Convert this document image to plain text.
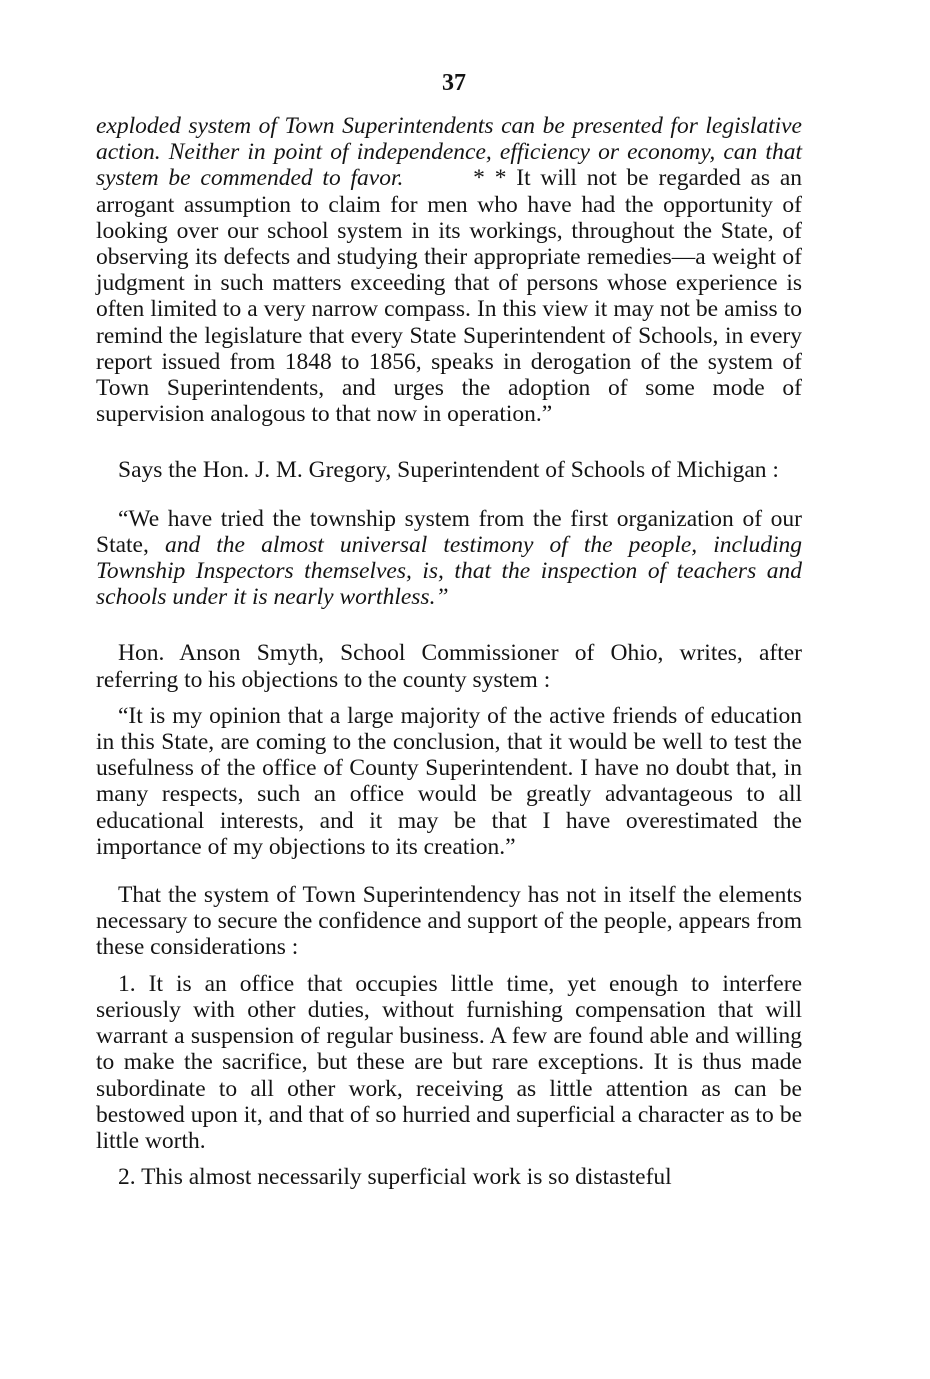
37

exploded system of Town Superintendents can be presented for legislative action. Neither in point of independence, efficiency or economy, can that system be commended to favor.	* * It will not be regarded as an arrogant assumption to claim for men who have had the opportunity of looking over our school system in its workings, throughout the State, of observing its defects and studying their appropriate remedies—a weight of judgment in such matters exceeding that of persons whose experience is often limited to a very narrow compass. In this view it may not be amiss to remind the legislature that every State Superintendent of Schools, in every report issued from 1848 to 1856, speaks in derogation of the system of Town Superintendents, and urges the adoption of some mode of supervision analogous to that now in operation.”

Says the Hon. J. M. Gregory, Superintendent of Schools of Michigan :

“We have tried the township system from the first organization of our State, and the almost universal testimony of the people, including Township Inspectors themselves, is, that the inspection of teachers and schools under it is nearly worthless.”

Hon. Anson Smyth, School Commissioner of Ohio, writes, after referring to his objections to the county system :

“It is my opinion that a large majority of the active friends of education in this State, are coming to the conclusion, that it would be well to test the usefulness of the office of County Superintendent. I have no doubt that, in many respects, such an office would be greatly advantageous to all educational interests, and it may be that I have overestimated the importance of my objections to its creation.”

That the system of Town Superintendency has not in itself the elements necessary to secure the confidence and support of the people, appears from these considerations :

1. It is an office that occupies little time, yet enough to interfere seriously with other duties, without furnishing compensation that will warrant a suspension of regular business. A few are found able and willing to make the sacrifice, but these are but rare exceptions. It is thus made subordinate to all other work, receiving as little attention as can be bestowed upon it, and that of so hurried and superficial a character as to be little worth.

2. This almost necessarily superficial work is so distasteful
